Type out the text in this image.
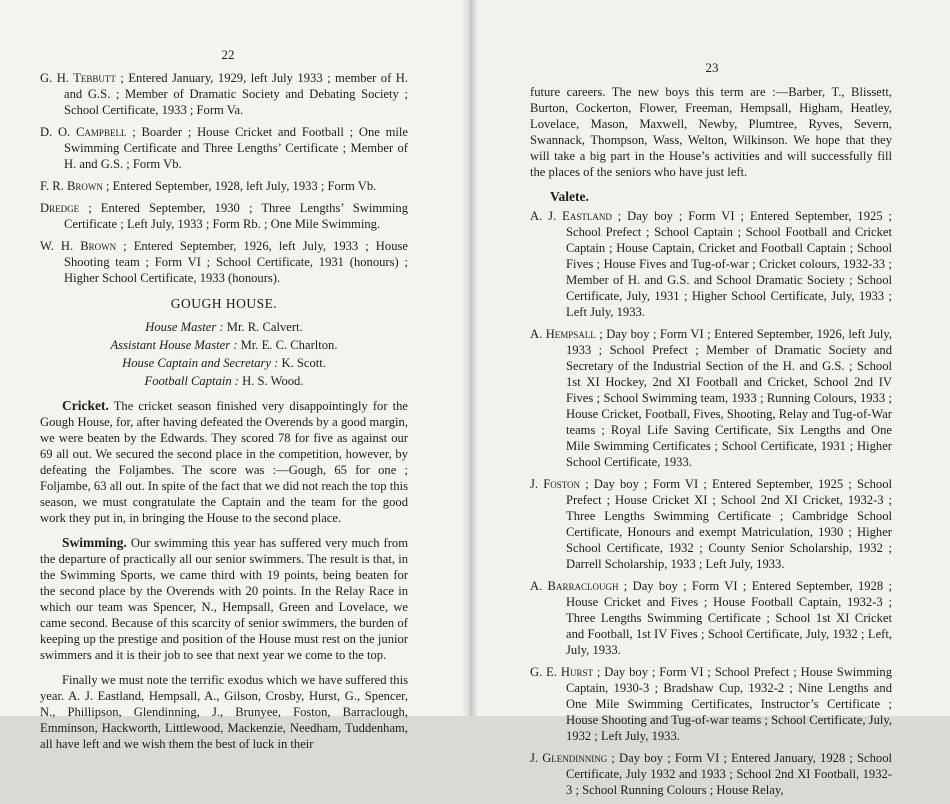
22

G. H. Tebbutt ; Entered January, 1929, left July 1933 ; member of H. and G.S. ; Member of Dramatic Society and Debating Society ; School Certificate, 1933 ; Form Va.

D. O. Campbell ; Boarder ; House Cricket and Football ; One mile Swimming Certificate and Three Lengths’ Certificate ; Member of H. and G.S. ; Form Vb.

F. R. Brown ; Entered September, 1928, left July, 1933 ; Form Vb.

Dredge ; Entered September, 1930 ; Three Lengths’ Swimming Certificate ; Left July, 1933 ; Form Rb. ; One Mile Swimming.

W. H. Brown ; Entered September, 1926, left July, 1933 ; House Shooting team ; Form VI ; School Certificate, 1931 (honours) ; Higher School Certificate, 1933 (honours).

GOUGH HOUSE.

House Master : Mr. R. Calvert.

Assistant House Master : Mr. E. C. Charlton.

House Captain and Secretary : K. Scott.

Football Captain : H. S. Wood.

Cricket. The cricket season finished very disappointingly for the Gough House, for, after having defeated the Overends by a good margin, we were beaten by the Edwards. They scored 78 for five as against our 69 all out. We secured the second place in the competition, however, by defeating the Foljambes. The score was :—Gough, 65 for one ; Foljambe, 63 all out. In spite of the fact that we did not reach the top this season, we must congratulate the Captain and the team for the good work they put in, in bringing the House to the second place.

Swimming. Our swimming this year has suffered very much from the departure of practically all our senior swimmers. The result is that, in the Swimming Sports, we came third with 19 points, being beaten for the second place by the Overends with 20 points. In the Relay Race in which our team was Spencer, N., Hempsall, Green and Lovelace, we came second. Because of this scarcity of senior swimmers, the burden of keeping up the prestige and position of the House must rest on the junior swimmers and it is their job to see that next year we come to the top.

Finally we must note the terrific exodus which we have suffered this year. A. J. Eastland, Hempsall, A., Gilson, Crosby, Hurst, G., Spencer, N., Phillipson, Glendinning, J., Brunyee, Foston, Barraclough, Emminson, Hackworth, Littlewood, Mackenzie, Needham, Tuddenham, all have left and we wish them the best of luck in their

23

future careers. The new boys this term are :—Barber, T., Blissett, Burton, Cockerton, Flower, Freeman, Hempsall, Higham, Heatley, Lovelace, Mason, Maxwell, Newby, Plumtree, Ryves, Severn, Swannack, Thompson, Wass, Welton, Wilkinson. We hope that they will take a big part in the House’s activities and will successfully fill the places of the seniors who have just left.

Valete.

A. J. Eastland ; Day boy ; Form VI ; Entered September, 1925 ; School Prefect ; School Captain ; School Football and Cricket Captain ; House Captain, Cricket and Football Captain ; School Fives ; House Fives and Tug-of-war ; Cricket colours, 1932-33 ; Member of H. and G.S. and School Dramatic Society ; School Certificate, July, 1931 ; Higher School Certificate, July, 1933 ; Left July, 1933.

A. Hempsall ; Day boy ; Form VI ; Entered September, 1926, left July, 1933 ; School Prefect ; Member of Dramatic Society and Secretary of the Industrial Section of the H. and G.S. ; School 1st XI Hockey, 2nd XI Football and Cricket, School 2nd IV Fives ; School Swimming team, 1933 ; Running Colours, 1933 ; House Cricket, Football, Fives, Shooting, Relay and Tug-of-War teams ; Royal Life Saving Certificate, Six Lengths and One Mile Swimming Certificates ; School Certificate, 1931 ; Higher School Certificate, 1933.

J. Foston ; Day boy ; Form VI ; Entered September, 1925 ; School Prefect ; House Cricket XI ; School 2nd XI Cricket, 1932-3 ; Three Lengths Swimming Certificate ; Cambridge School Certificate, Honours and exempt Matriculation, 1930 ; Higher School Certificate, 1932 ; County Senior Scholarship, 1932 ; Darrell Scholarship, 1933 ; Left July, 1933.

A. Barraclough ; Day boy ; Form VI ; Entered September, 1928 ; House Cricket and Fives ; House Football Captain, 1932-3 ; Three Lengths Swimming Certificate ; School 1st XI Cricket and Football, 1st IV Fives ; School Certificate, July, 1932 ; Left, July, 1933.

G. E. Hurst ; Day boy ; Form VI ; School Prefect ; House Swimming Captain, 1930-3 ; Bradshaw Cup, 1932-2 ; Nine Lengths and One Mile Swimming Certificates, Instructor’s Certificate ; House Shooting and Tug-of-war teams ; School Certificate, July, 1932 ; Left July, 1933.

J. Glendinning ; Day boy ; Form VI ; Entered January, 1928 ; School Certificate, July 1932 and 1933 ; School 2nd XI Football, 1932-3 ; School Running Colours ; House Relay,
